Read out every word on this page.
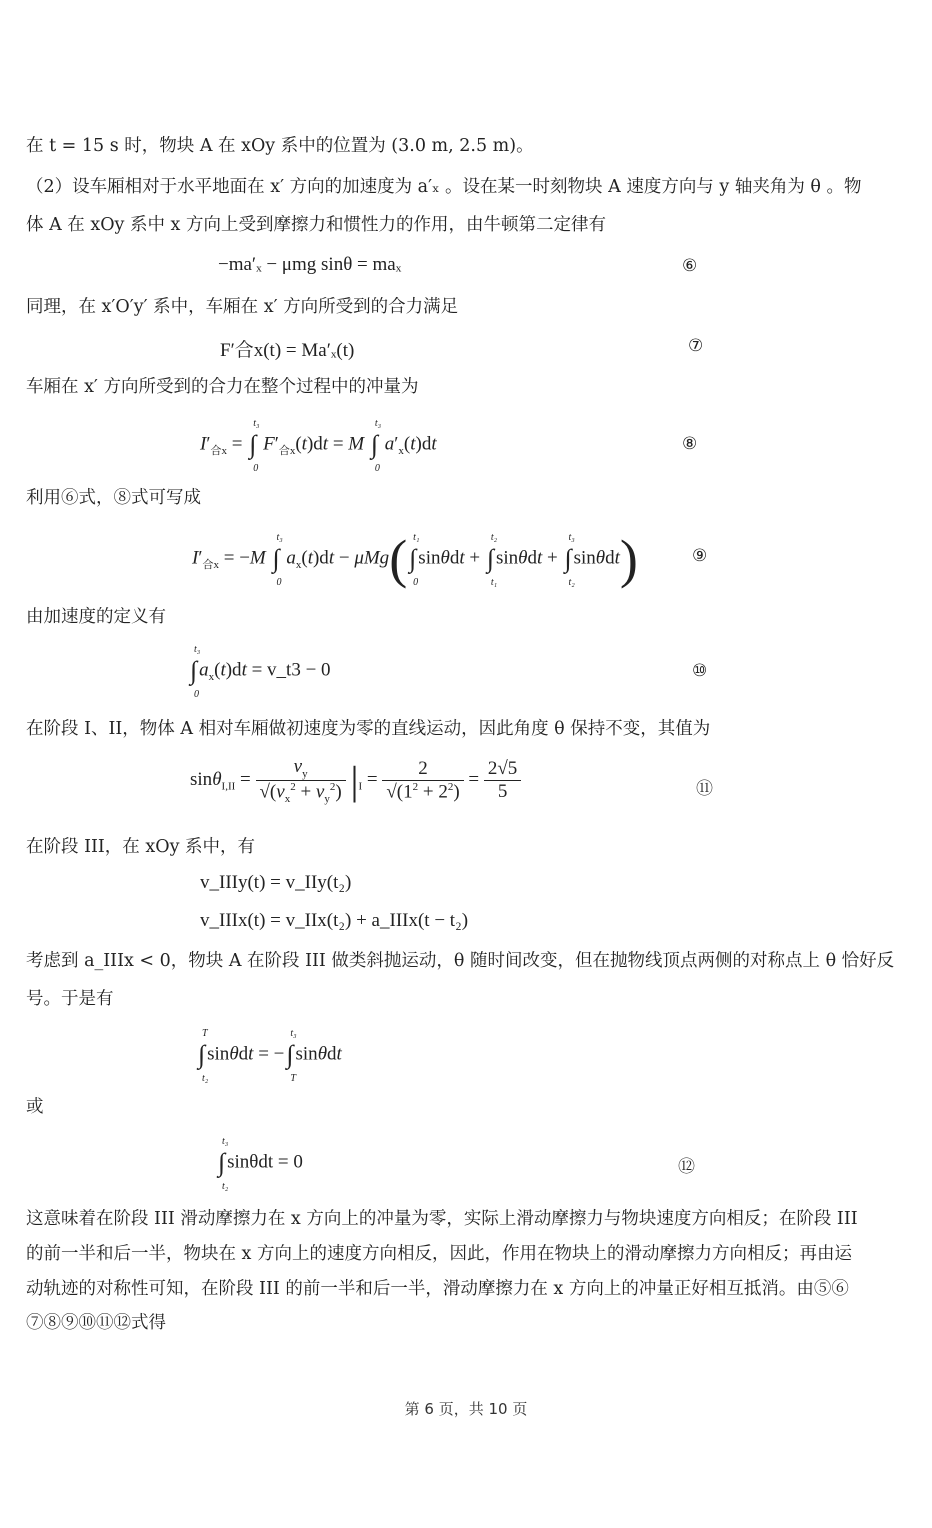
在 t = 15 s 时，物块 A 在 xOy 系中的位置为 (3.0 m, 2.5 m)。
（2）设车厢相对于水平地面在 x′ 方向的加速度为 a′ₓ 。设在某一时刻物块 A 速度方向与 y 轴夹角为 θ 。物
体 A 在 xOy 系中 x 方向上受到摩擦力和惯性力的作用，由牛顿第二定律有
−ma′ₓ − μmg sinθ = maₓ	⑥
同理，在 x′O′y′ 系中，车厢在 x′ 方向所受到的合力满足
F′合x(t) = Ma′ₓ(t)	⑦
车厢在 x′ 方向所受到的合力在整个过程中的冲量为
$I'_{合x}$ = ∫
t₃
0
$F'_{合x}(t)dt = M$ ∫
t₃
0
$a'_x(t)dt$	⑧
利用⑥式，⑧式可写成
$I'_{合x} = -M$ ∫
t₃
0
$a_x(t)dt - \mu Mg(\int$
t₁
0
sinθdt + ∫
t₂
t₁
sinθdt + ∫
t₃
t₂
sinθdt)	⑨
由加速度的定义有
∫
t₃
0
$a_x(t)dt$ = v_t3 − 0	⑩
在阶段 I、II，物体 A 相对车厢做初速度为零的直线运动，因此角度 θ 保持不变，其值为
$\sin\theta_{I,II} = \frac{v_y}{√(v_x^2 + v_y^2)} |_I = \frac{2}{√(1^2 + 2^2)} = \frac{2√5}{5}$	⑪
在阶段 III，在 xOy 系中，有
v_IIIy(t) = v_IIy(t₂)
v_IIIx(t) = v_IIx(t₂) + a_IIIx(t − t₂)
考虑到 a_IIIx < 0，物块 A 在阶段 III 做类斜抛运动，θ 随时间改变，但在抛物线顶点两侧的对称点上 θ 恰好反
号。于是有
∫
T
t₂
sinθdt = −∫
t₃
T
sinθdt
或
∫
t₃
t₂
sinθdt = 0	⑫
这意味着在阶段 III 滑动摩擦力在 x 方向上的冲量为零，实际上滑动摩擦力与物块速度方向相反；在阶段 III
的前一半和后一半，物块在 x 方向上的速度方向相反，因此，作用在物块上的滑动摩擦力方向相反；再由运
动轨迹的对称性可知，在阶段 III 的前一半和后一半，滑动摩擦力在 x 方向上的冲量正好相互抵消。由⑤⑥
⑦⑧⑨⑩⑪⑫式得
第 6 页，共 10 页
